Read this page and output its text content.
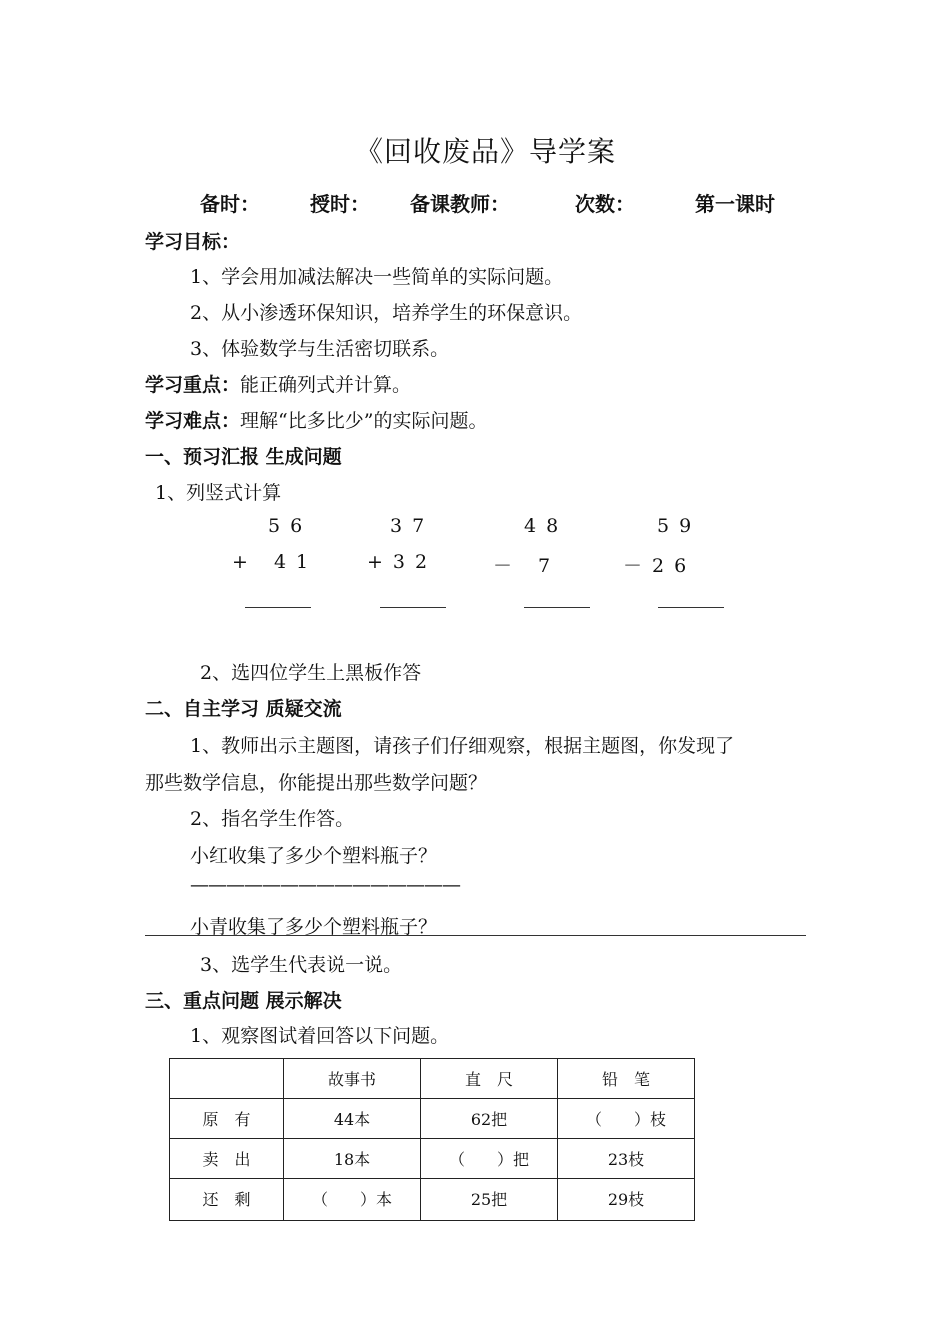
《回收废品》导学案
备时：	授时： 备课教师：	次数：	第一课时
学习目标：
1、学会用加减法解决一些简单的实际问题。
2、从小渗透环保知识，培养学生的环保意识。
3、体验数学与生活密切联系。
学习重点：能正确列式并计算。
学习难点：理解“比多比少”的实际问题。
一、预习汇报 生成问题
1、列竖式计算
56
+ 41
37
+32
48
－ 7
59
－26
2、选四位学生上黑板作答
二、自主学习 质疑交流
1、教师出示主题图，请孩子们仔细观察，根据主题图，你发现了
那些数学信息，你能提出那些数学问题？
2、指名学生作答。
小红收集了多少个塑料瓶子？
———————————————
小青收集了多少个塑料瓶子？
3、选学生代表说一说。
三、重点问题 展示解决
1、观察图试着回答以下问题。
	故事书	直　尺	铅　笔
原　有	44本	62把	（　　）枝
卖　出	18本	（　　）把	23枝
还　剩	（　　）本	25把	29枝
